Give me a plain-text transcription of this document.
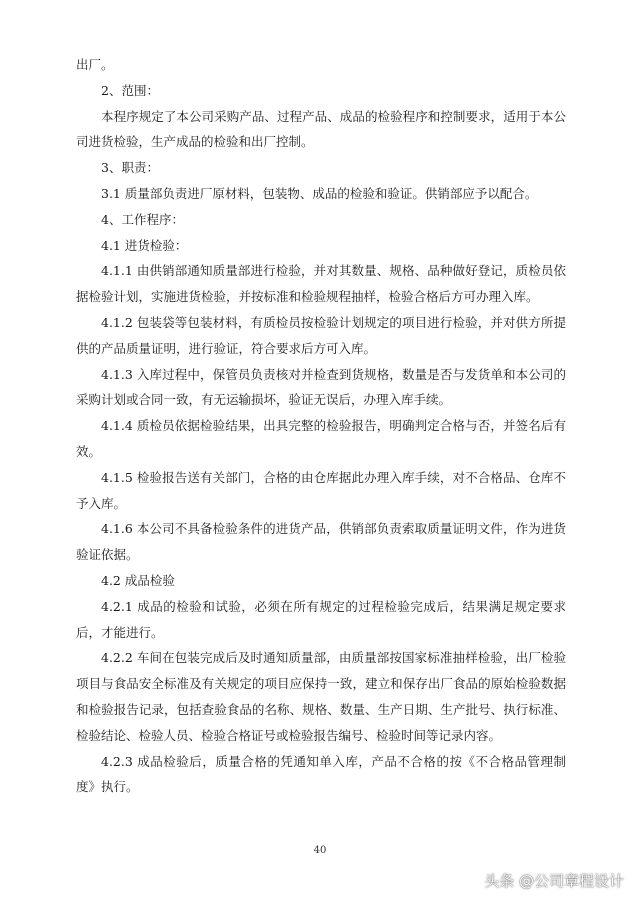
出厂。

2、范围：

本程序规定了本公司采购产品、过程产品、成品的检验程序和控制要求，适用于本公司进货检验，生产成品的检验和出厂控制。

3、职责：

3.1 质量部负责进厂原材料，包装物、成品的检验和验证。供销部应予以配合。

4、工作程序：

4.1 进货检验：

4.1.1 由供销部通知质量部进行检验，并对其数量、规格、品种做好登记，质检员依据检验计划，实施进货检验，并按标准和检验规程抽样，检验合格后方可办理入库。

4.1.2 包装袋等包装材料，有质检员按检验计划规定的项目进行检验，并对供方所提供的产品质量证明，进行验证，符合要求后方可入库。

4.1.3 入库过程中，保管员负责核对并检查到货规格，数量是否与发货单和本公司的采购计划或合同一致，有无运输损坏，验证无误后，办理入库手续。

4.1.4 质检员依据检验结果，出具完整的检验报告，明确判定合格与否，并签名后有效。

4.1.5 检验报告送有关部门，合格的由仓库据此办理入库手续，对不合格品、仓库不予入库。

4.1.6 本公司不具备检验条件的进货产品，供销部负责索取质量证明文件，作为进货验证依据。

4.2 成品检验

4.2.1 成品的检验和试验，必须在所有规定的过程检验完成后，结果满足规定要求后，才能进行。

4.2.2 车间在包装完成后及时通知质量部，由质量部按国家标准抽样检验，出厂检验项目与食品安全标准及有关规定的项目应保持一致，建立和保存出厂食品的原始检验数据和检验报告记录，包括查验食品的名称、规格、数量、生产日期、生产批号、执行标准、检验结论、检验人员、检验合格证号或检验报告编号、检验时间等记录内容。

4.2.3 成品检验后，质量合格的凭通知单入库，产品不合格的按《不合格品管理制度》执行。

40
头条 @公司章程设计
